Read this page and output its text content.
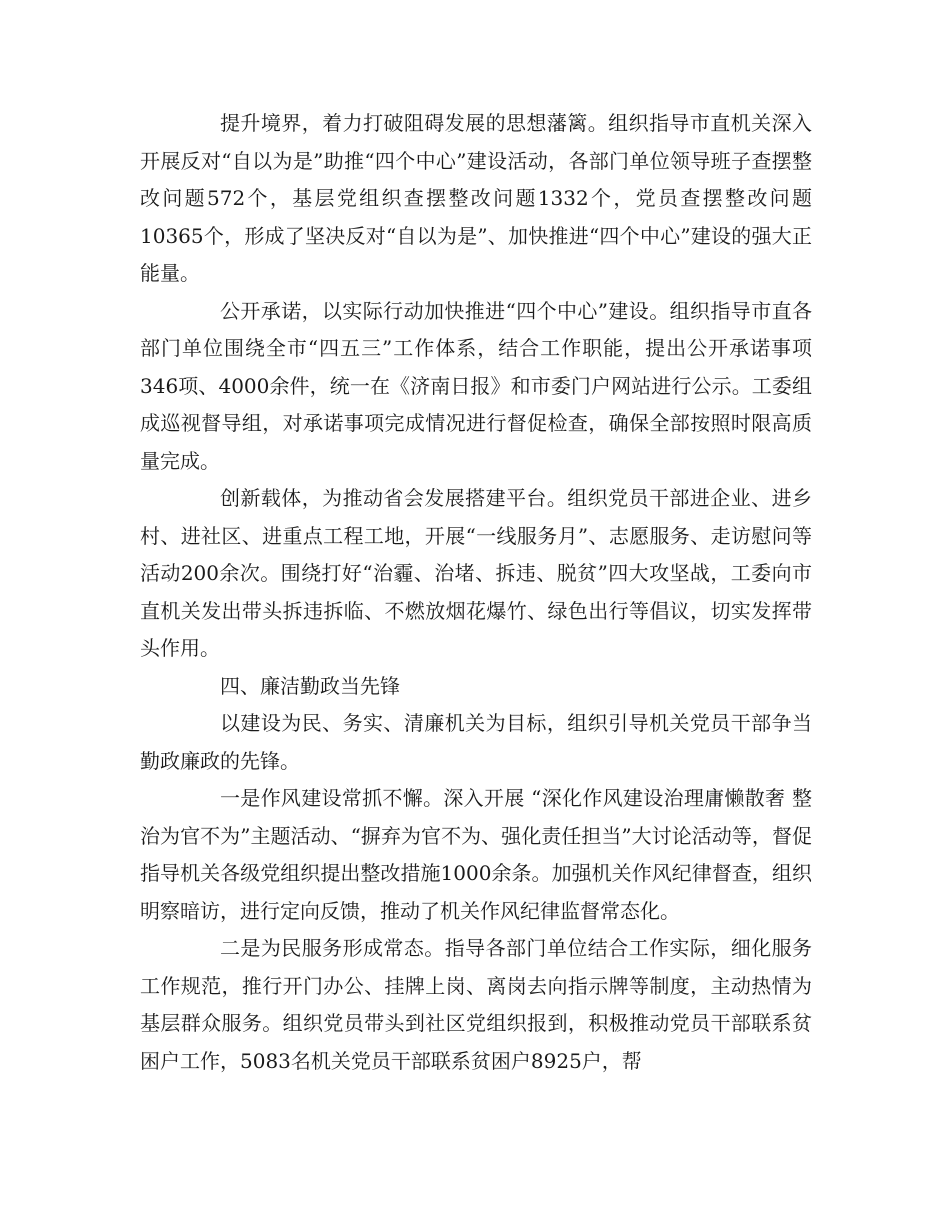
提升境界，着力打破阻碍发展的思想藩篱。组织指导市直机关深入开展反对“自以为是”助推“四个中心”建设活动，各部门单位领导班子查摆整改问题572个，基层党组织查摆整改问题1332个，党员查摆整改问题10365个，形成了坚决反对“自以为是”、加快推进“四个中心”建设的强大正能量。

公开承诺，以实际行动加快推进“四个中心”建设。组织指导市直各部门单位围绕全市“四五三”工作体系，结合工作职能，提出公开承诺事项346项、4000余件，统一在《济南日报》和市委门户网站进行公示。工委组成巡视督导组，对承诺事项完成情况进行督促检查，确保全部按照时限高质量完成。

创新载体，为推动省会发展搭建平台。组织党员干部进企业、进乡村、进社区、进重点工程工地，开展“一线服务月”、志愿服务、走访慰问等活动200余次。围绕打好“治霾、治堵、拆违、脱贫”四大攻坚战，工委向市直机关发出带头拆违拆临、不燃放烟花爆竹、绿色出行等倡议，切实发挥带头作用。

四、廉洁勤政当先锋

以建设为民、务实、清廉机关为目标，组织引导机关党员干部争当勤政廉政的先锋。

一是作风建设常抓不懈。深入开展 “深化作风建设治理庸懒散奢 整治为官不为”主题活动、“摒弃为官不为、强化责任担当”大讨论活动等，督促指导机关各级党组织提出整改措施1000余条。加强机关作风纪律督查，组织明察暗访，进行定向反馈，推动了机关作风纪律监督常态化。

二是为民服务形成常态。指导各部门单位结合工作实际，细化服务工作规范，推行开门办公、挂牌上岗、离岗去向指示牌等制度，主动热情为基层群众服务。组织党员带头到社区党组织报到，积极推动党员干部联系贫困户工作，5083名机关党员干部联系贫困户8925户，帮
